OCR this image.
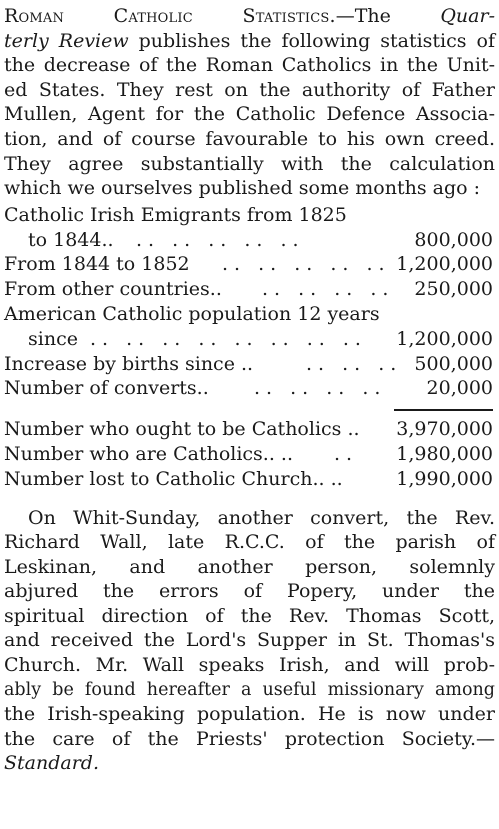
Roman Catholic Statistics.—The Quar-
terly Review publishes the following statistics of
the decrease of the Roman Catholics in the Unit-
ed States. They rest on the authority of Father
Mullen, Agent for the Catholic Defence Associa-
tion, and of course favourable to his own creed.
They agree substantially with the calculation
which we ourselves published some months ago :
Catholic Irish Emigrants from 1825
to 1844.. .. .. .. .. ..	800,000
From 1844 to 1852 .. .. .. .. .. 1,200,000
From other countries.. .. .. .. .. 250,000
American Catholic population 12 years
since .. .. .. .. .. .. .. .. 1,200,000
Increase by births since ..	.. .. .. 500,000
Number of converts.. .. .. .. .. 20,000
Number who ought to be Catholics .. 3,970,000
Number who are Catholics.. .. .. 1,980,000
Number lost to Catholic Church.. ..	1,990,000
On Whit-Sunday, another convert, the Rev.
Richard Wall, late R.C.C. of the parish of
Leskinan, and another person, solemnly
abjured the errors of Popery, under the
spiritual direction of the Rev. Thomas Scott,
and received the Lord's Supper in St. Thomas's
Church. Mr. Wall speaks Irish, and will prob-
ably be found hereafter a useful missionary among
the Irish-speaking population. He is now under
the care of the Priests' protection Society.—
Standard.
